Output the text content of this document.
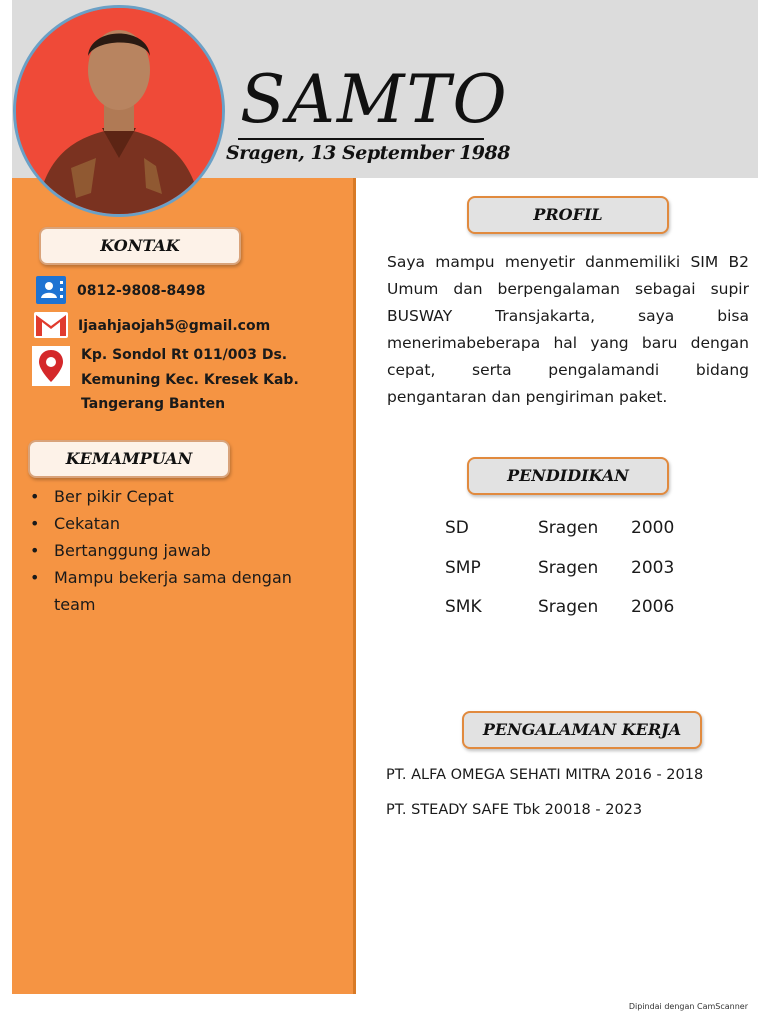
SAMTO
Sragen, 13 September 1988
KONTAK
0812-9808-8498
Ijaahjaojah5@gmail.com
Kp. Sondol Rt 011/003 Ds.
Kemuning Kec. Kresek Kab.
Tangerang Banten
KEMAMPUAN
• Ber pikir Cepat
• Cekatan
• Bertanggung jawab
• Mampu bekerja sama dengan team
PROFIL
Saya mampu menyetir danmemiliki SIM B2 Umum dan berpengalaman sebagai supir BUSWAY Transjakarta, saya bisa menerimabeberapa hal yang baru dengan cepat, serta pengalamandi bidang pengantaran dan pengiriman paket.
PENDIDIKAN
SD	Sragen 2000
SMP	Sragen 2003
SMK	Sragen 2006
PENGALAMAN KERJA
PT. ALFA OMEGA SEHATI MITRA 2016 - 2018
PT. STEADY SAFE Tbk 20018 - 2023
Dipindai dengan CamScanner
